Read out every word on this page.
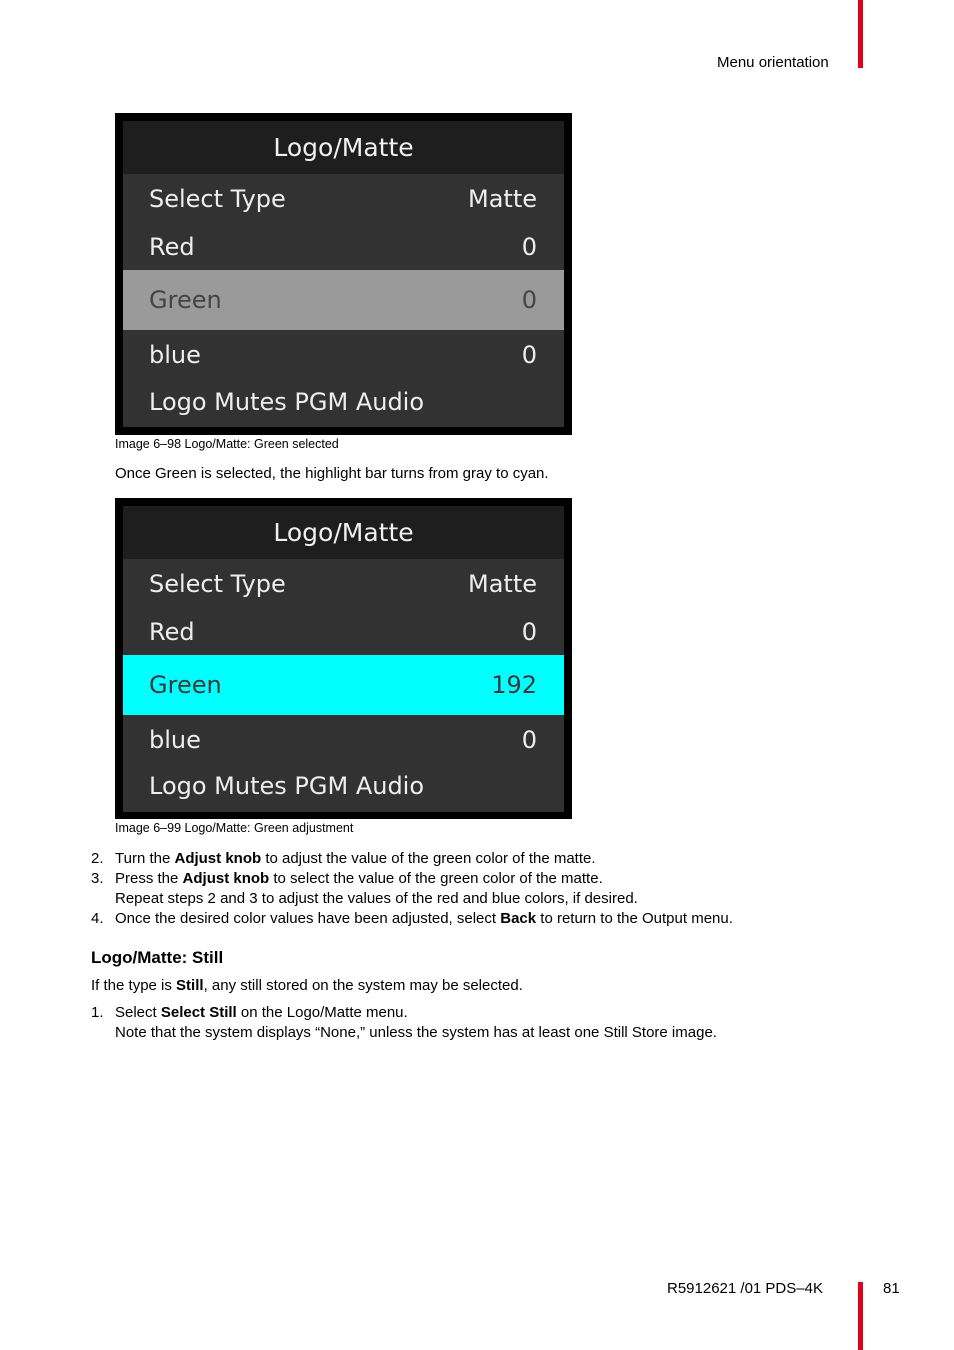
Menu orientation
Logo/Matte
Select Type	Matte
Red	0
Green	0
blue	0
Logo Mutes PGM Audio
Image 6–98 Logo/Matte: Green selected
Once Green is selected, the highlight bar turns from gray to cyan.
Logo/Matte
Select Type	Matte
Red	0
Green	192
blue	0
Logo Mutes PGM Audio
Image 6–99 Logo/Matte: Green adjustment
2. Turn the Adjust knob to adjust the value of the green color of the matte.
3. Press the Adjust knob to select the value of the green color of the matte.
Repeat steps 2 and 3 to adjust the values of the red and blue colors, if desired.
4. Once the desired color values have been adjusted, select Back to return to the Output menu.
Logo/Matte: Still
If the type is Still, any still stored on the system may be selected.
1. Select Select Still on the Logo/Matte menu.
Note that the system displays “None,” unless the system has at least one Still Store image.
R5912621 /01 PDS–4K	81
